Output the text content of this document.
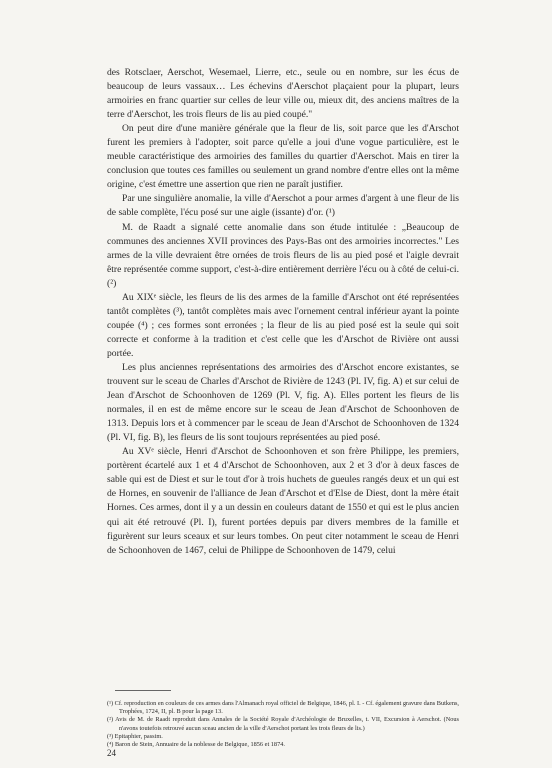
des Rotsclaer, Aerschot, Wesemael, Lierre, etc., seule ou en nombre, sur les écus de beaucoup de leurs vassaux… Les échevins d'Aerschot plaçaient pour la plupart, leurs armoiries en franc quartier sur celles de leur ville ou, mieux dit, des anciens maîtres de la terre d'Aerschot, les trois fleurs de lis au pied coupé."

On peut dire d'une manière générale que la fleur de lis, soit parce que les d'Arschot furent les premiers à l'adopter, soit parce qu'elle a joui d'une vogue particulière, est le meuble caractéristique des armoiries des familles du quartier d'Aerschot. Mais en tirer la conclusion que toutes ces familles ou seulement un grand nombre d'entre elles ont la même origine, c'est émettre une assertion que rien ne paraît justifier.

Par une singulière anomalie, la ville d'Aerschot a pour armes d'argent à une fleur de lis de sable complète, l'écu posé sur une aigle (issante) d'or. (¹)

M. de Raadt a signalé cette anomalie dans son étude intitulée : „Beaucoup de communes des anciennes XVII provinces des Pays-Bas ont des armoiries incorrectes." Les armes de la ville devraient être ornées de trois fleurs de lis au pied posé et l'aigle devrait être représentée comme support, c'est-à-dire entièrement derrière l'écu ou à côté de celui-ci. (²)

Au XIXᵉ siècle, les fleurs de lis des armes de la famille d'Arschot ont été représentées tantôt complètes (³), tantôt complètes mais avec l'ornement central inférieur ayant la pointe coupée (⁴) ; ces formes sont erronées ; la fleur de lis au pied posé est la seule qui soit correcte et conforme à la tradition et c'est celle que les d'Arschot de Rivière ont aussi portée.

Les plus anciennes représentations des armoiries des d'Arschot encore existantes, se trouvent sur le sceau de Charles d'Arschot de Rivière de 1243 (Pl. IV, fig. A) et sur celui de Jean d'Arschot de Schoonhoven de 1269 (Pl. V, fig. A). Elles portent les fleurs de lis normales, il en est de même encore sur le sceau de Jean d'Arschot de Schoonhoven de 1313. Depuis lors et à commencer par le sceau de Jean d'Arschot de Schoonhoven de 1324 (Pl. VI, fig. B), les fleurs de lis sont toujours représentées au pied posé.

Au XVᵉ siècle, Henri d'Arschot de Schoonhoven et son frère Philippe, les premiers, portèrent écartelé aux 1 et 4 d'Arschot de Schoonhoven, aux 2 et 3 d'or à deux fasces de sable qui est de Diest et sur le tout d'or à trois huchets de gueules rangés deux et un qui est de Hornes, en souvenir de l'alliance de Jean d'Arschot et d'Else de Diest, dont la mère était Hornes. Ces armes, dont il y a un dessin en couleurs datant de 1550 et qui est le plus ancien qui ait été retrouvé (Pl. I), furent portées depuis par divers membres de la famille et figurèrent sur leurs sceaux et sur leurs tombes. On peut citer notamment le sceau de Henri de Schoonhoven de 1467, celui de Philippe de Schoonhoven de 1479, celui

(¹) Cf. reproduction en couleurs de ces armes dans l'Almanach royal officiel de Belgique, 1846, pl. I. - Cf. également gravure dans Butkens, Trophées, 1724, II, pl. B pour la page 13.

(²) Avis de M. de Raadt reproduit dans Annales de la Société Royale d'Archéologie de Bruxelles, t. VII, Excursion à Aerschot. (Nous n'avons toutefois retrouvé aucun sceau ancien de la ville d'Aerschot portant les trois fleurs de lis.)

(³) Epitaphier, passim.

(⁴) Baron de Stein, Annuaire de la noblesse de Belgique, 1856 et 1874.

24
